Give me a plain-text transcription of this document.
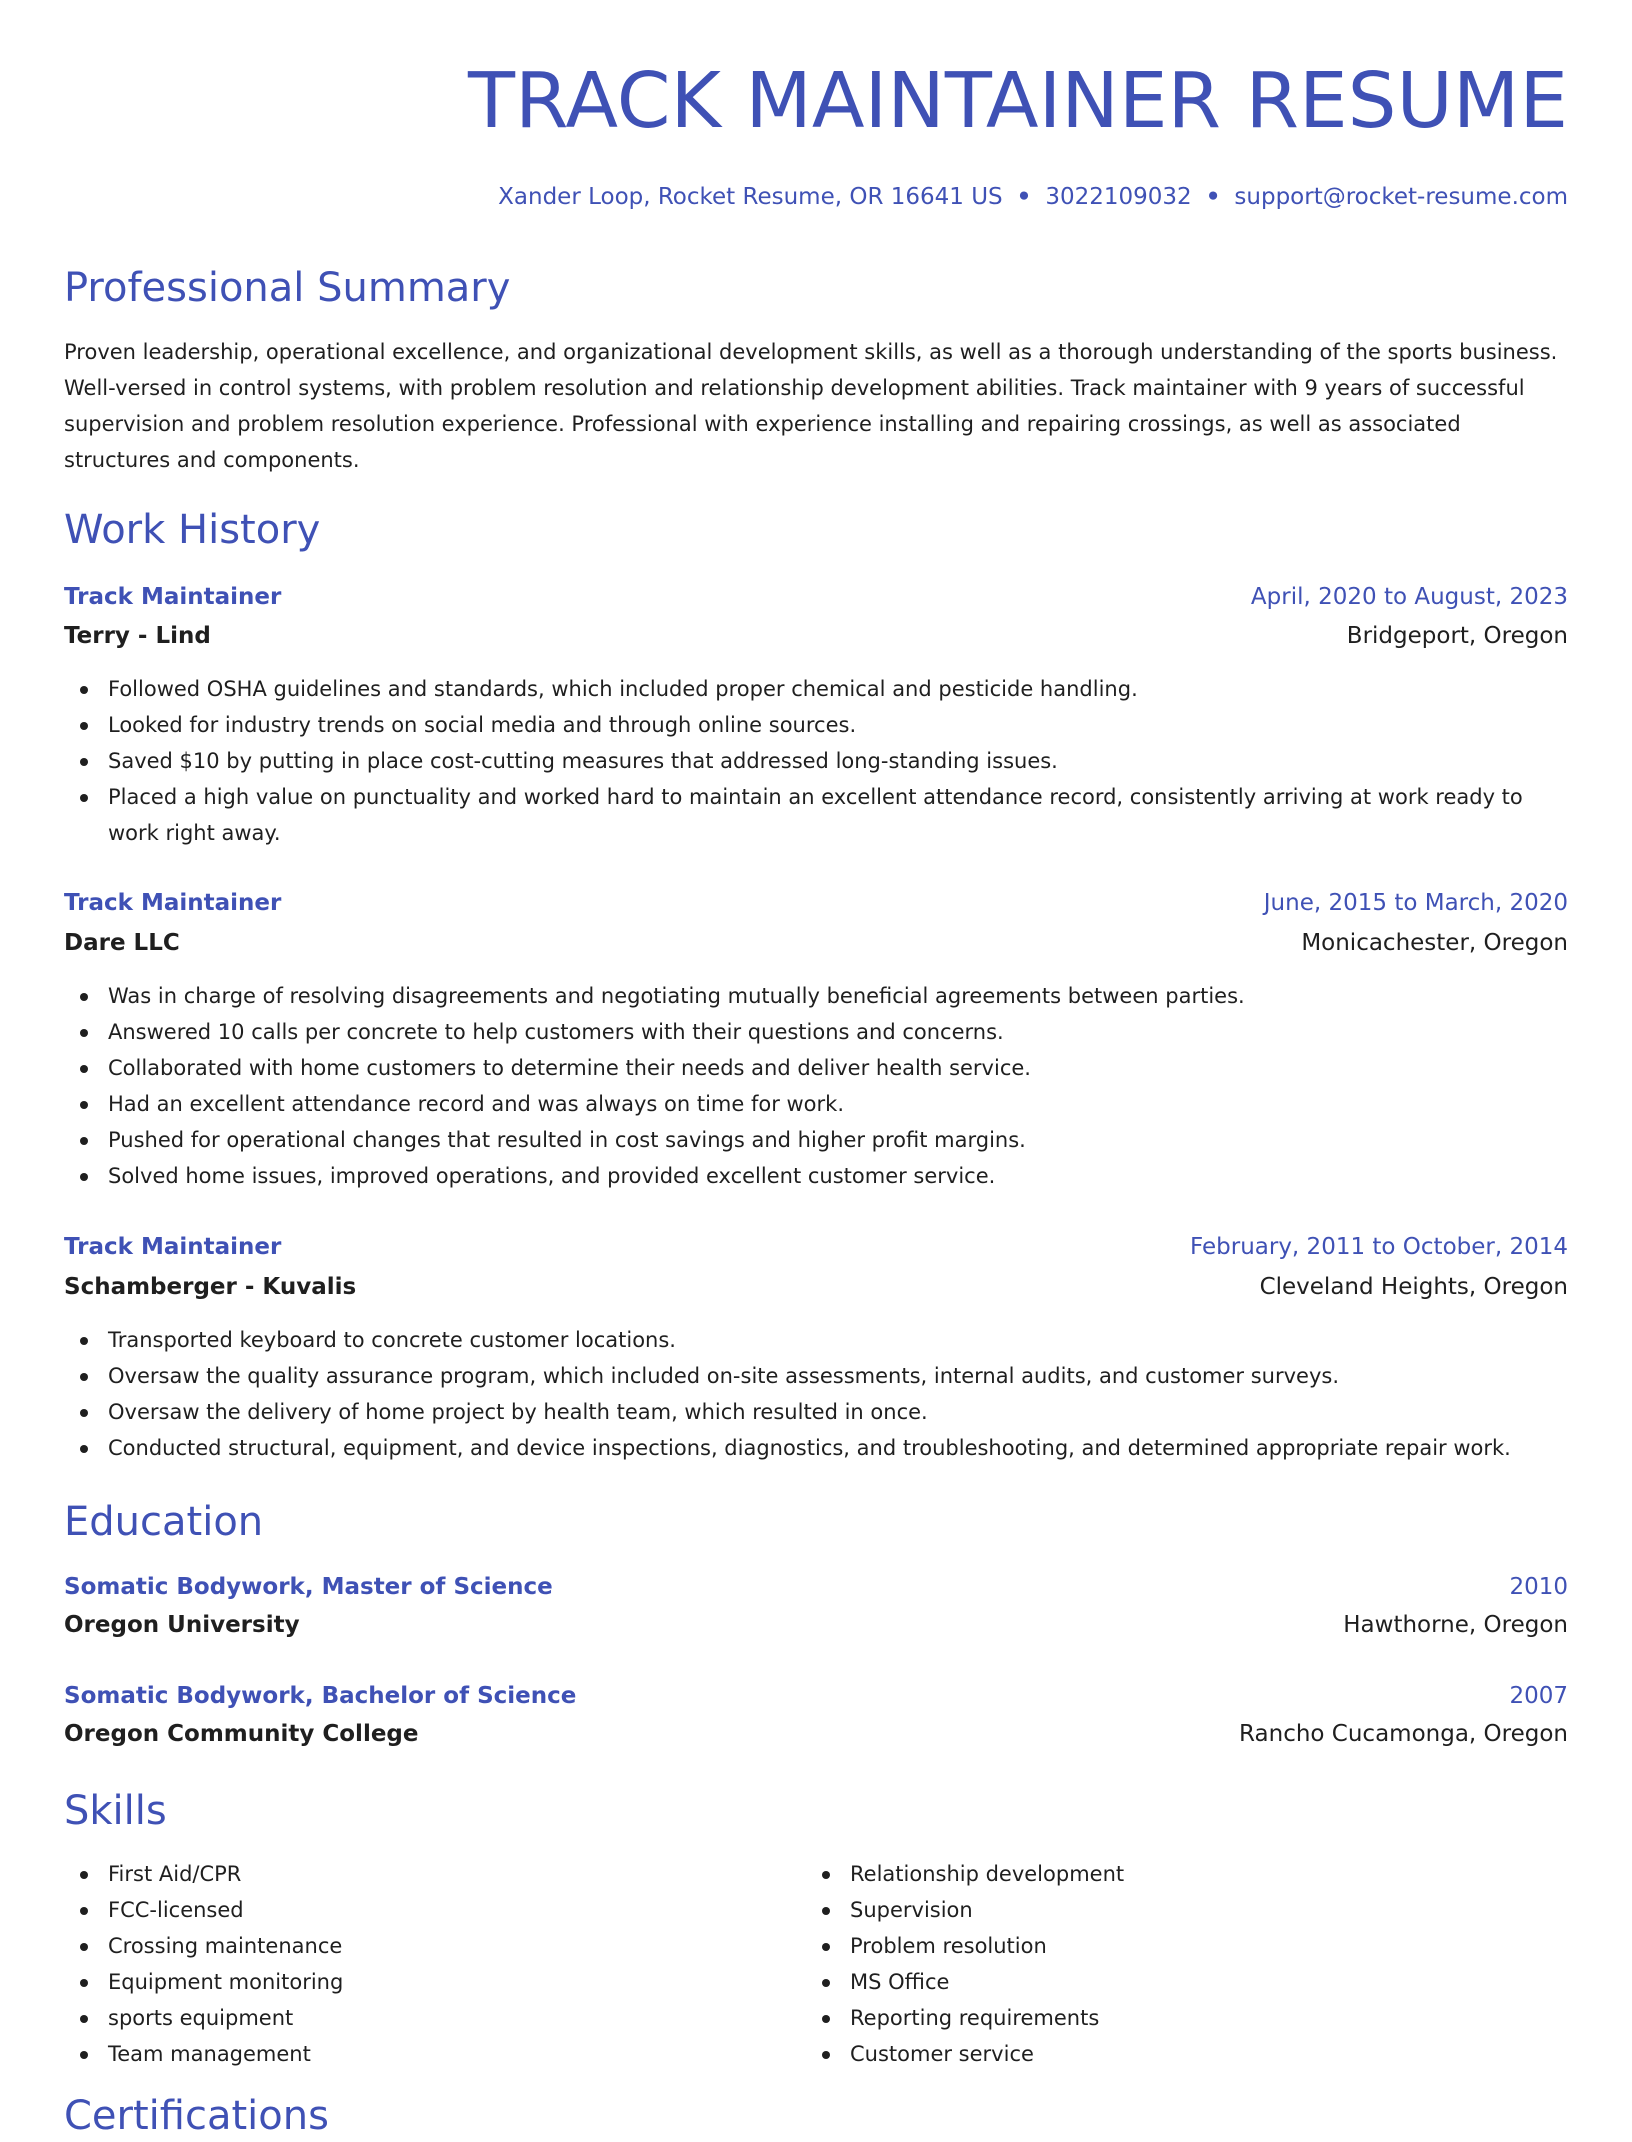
TRACK MAINTAINER RESUME
Xander Loop, Rocket Resume, OR 16641 US • 3022109032 • support@rocket-resume.com
Professional Summary

Proven leadership, operational excellence, and organizational development skills, as well as a thorough understanding of the sports business. Well-versed in control systems, with problem resolution and relationship development abilities. Track maintainer with 9 years of successful supervision and problem resolution experience. Professional with experience installing and repairing crossings, as well as associated structures and components.

Work History
Track Maintainer	April, 2020 to August, 2023
Terry - Lind	Bridgeport, Oregon
Followed OSHA guidelines and standards, which included proper chemical and pesticide handling.
Looked for industry trends on social media and through online sources.
Saved $10 by putting in place cost-cutting measures that addressed long-standing issues.
Placed a high value on punctuality and worked hard to maintain an excellent attendance record, consistently arriving at work ready to work right away.
Track Maintainer	June, 2015 to March, 2020
Dare LLC	Monicachester, Oregon
Was in charge of resolving disagreements and negotiating mutually beneficial agreements between parties.
Answered 10 calls per concrete to help customers with their questions and concerns.
Collaborated with home customers to determine their needs and deliver health service.
Had an excellent attendance record and was always on time for work.
Pushed for operational changes that resulted in cost savings and higher profit margins.
Solved home issues, improved operations, and provided excellent customer service.
Track Maintainer	February, 2011 to October, 2014
Schamberger - Kuvalis	Cleveland Heights, Oregon
Transported keyboard to concrete customer locations.
Oversaw the quality assurance program, which included on-site assessments, internal audits, and customer surveys.
Oversaw the delivery of home project by health team, which resulted in once.
Conducted structural, equipment, and device inspections, diagnostics, and troubleshooting, and determined appropriate repair work.
Education
Somatic Bodywork, Master of Science	2010
Oregon University	Hawthorne, Oregon
Somatic Bodywork, Bachelor of Science	2007
Oregon Community College	Rancho Cucamonga, Oregon
Skills
First Aid/CPR
FCC-licensed
Crossing maintenance
Equipment monitoring
sports equipment
Team management
Relationship development
Supervision
Problem resolution
MS Office
Reporting requirements
Customer service
Certifications
